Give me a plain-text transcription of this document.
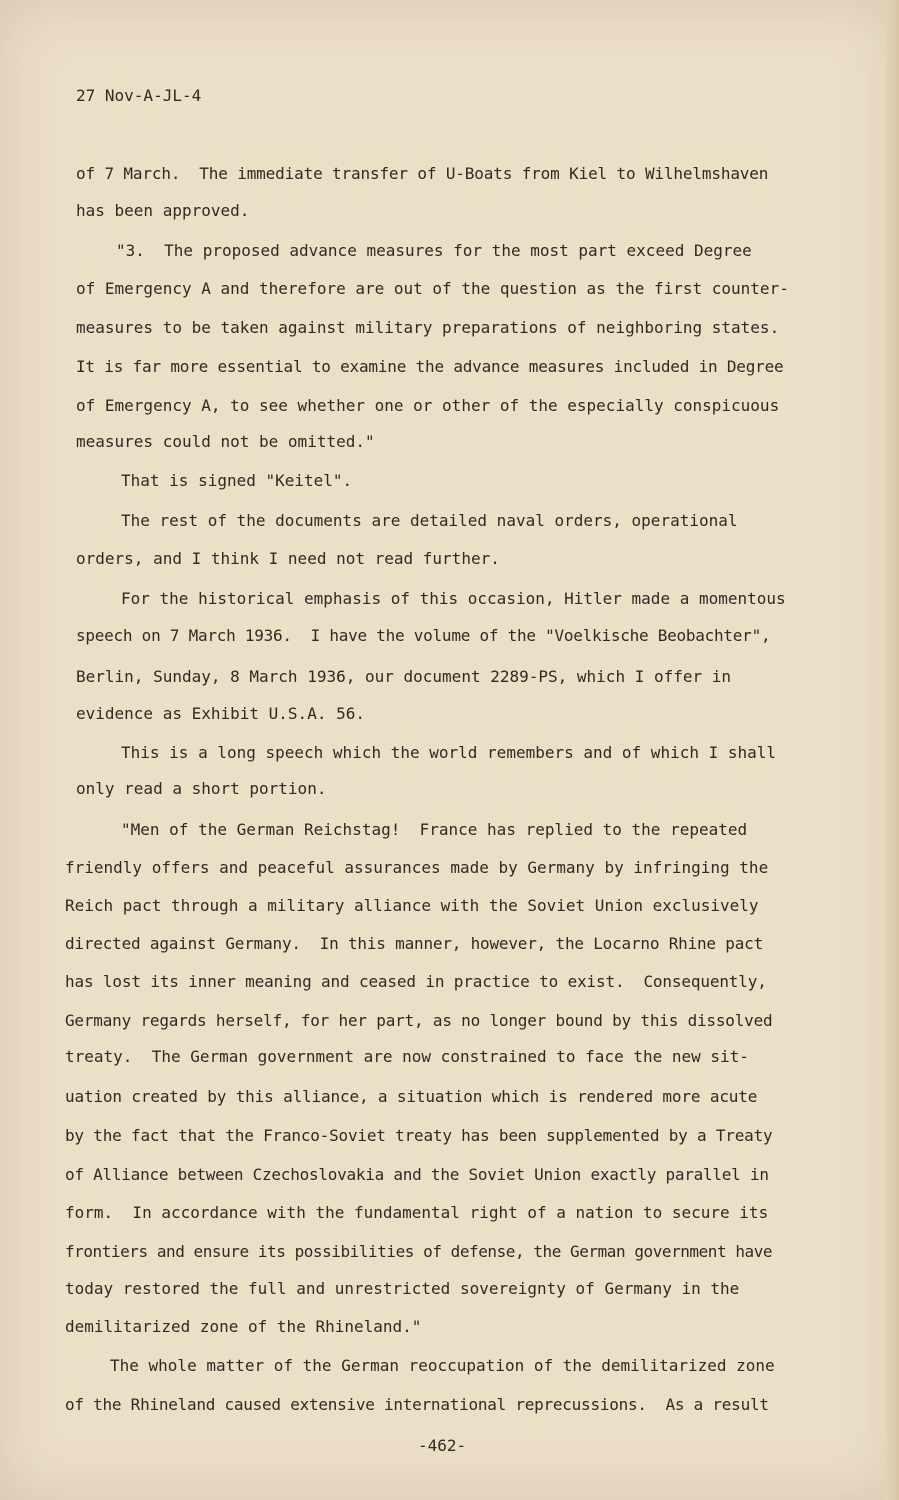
27 Nov-A-JL-4
of 7 March.  The immediate transfer of U-Boats from Kiel to Wilhelmshaven
has been approved.
"3.  The proposed advance measures for the most part exceed Degree
of Emergency A and therefore are out of the question as the first counter-
measures to be taken against military preparations of neighboring states.
It is far more essential to examine the advance measures included in Degree
of Emergency A, to see whether one or other of the especially conspicuous
measures could not be omitted."
That is signed "Keitel".
The rest of the documents are detailed naval orders, operational
orders, and I think I need not read further.
For the historical emphasis of this occasion, Hitler made a momentous
speech on 7 March 1936.  I have the volume of the "Voelkische Beobachter",
Berlin, Sunday, 8 March 1936, our document 2289-PS, which I offer in
evidence as Exhibit U.S.A. 56.
This is a long speech which the world remembers and of which I shall
only read a short portion.
"Men of the German Reichstag!  France has replied to the repeated
friendly offers and peaceful assurances made by Germany by infringing the
Reich pact through a military alliance with the Soviet Union exclusively
directed against Germany.  In this manner, however, the Locarno Rhine pact
has lost its inner meaning and ceased in practice to exist.  Consequently,
Germany regards herself, for her part, as no longer bound by this dissolved
treaty.  The German government are now constrained to face the new sit-
uation created by this alliance, a situation which is rendered more acute
by the fact that the Franco-Soviet treaty has been supplemented by a Treaty
of Alliance between Czechoslovakia and the Soviet Union exactly parallel in
form.  In accordance with the fundamental right of a nation to secure its
frontiers and ensure its possibilities of defense, the German government have
today restored the full and unrestricted sovereignty of Germany in the
demilitarized zone of the Rhineland."
The whole matter of the German reoccupation of the demilitarized zone
of the Rhineland caused extensive international reprecussions.  As a result
-462-
